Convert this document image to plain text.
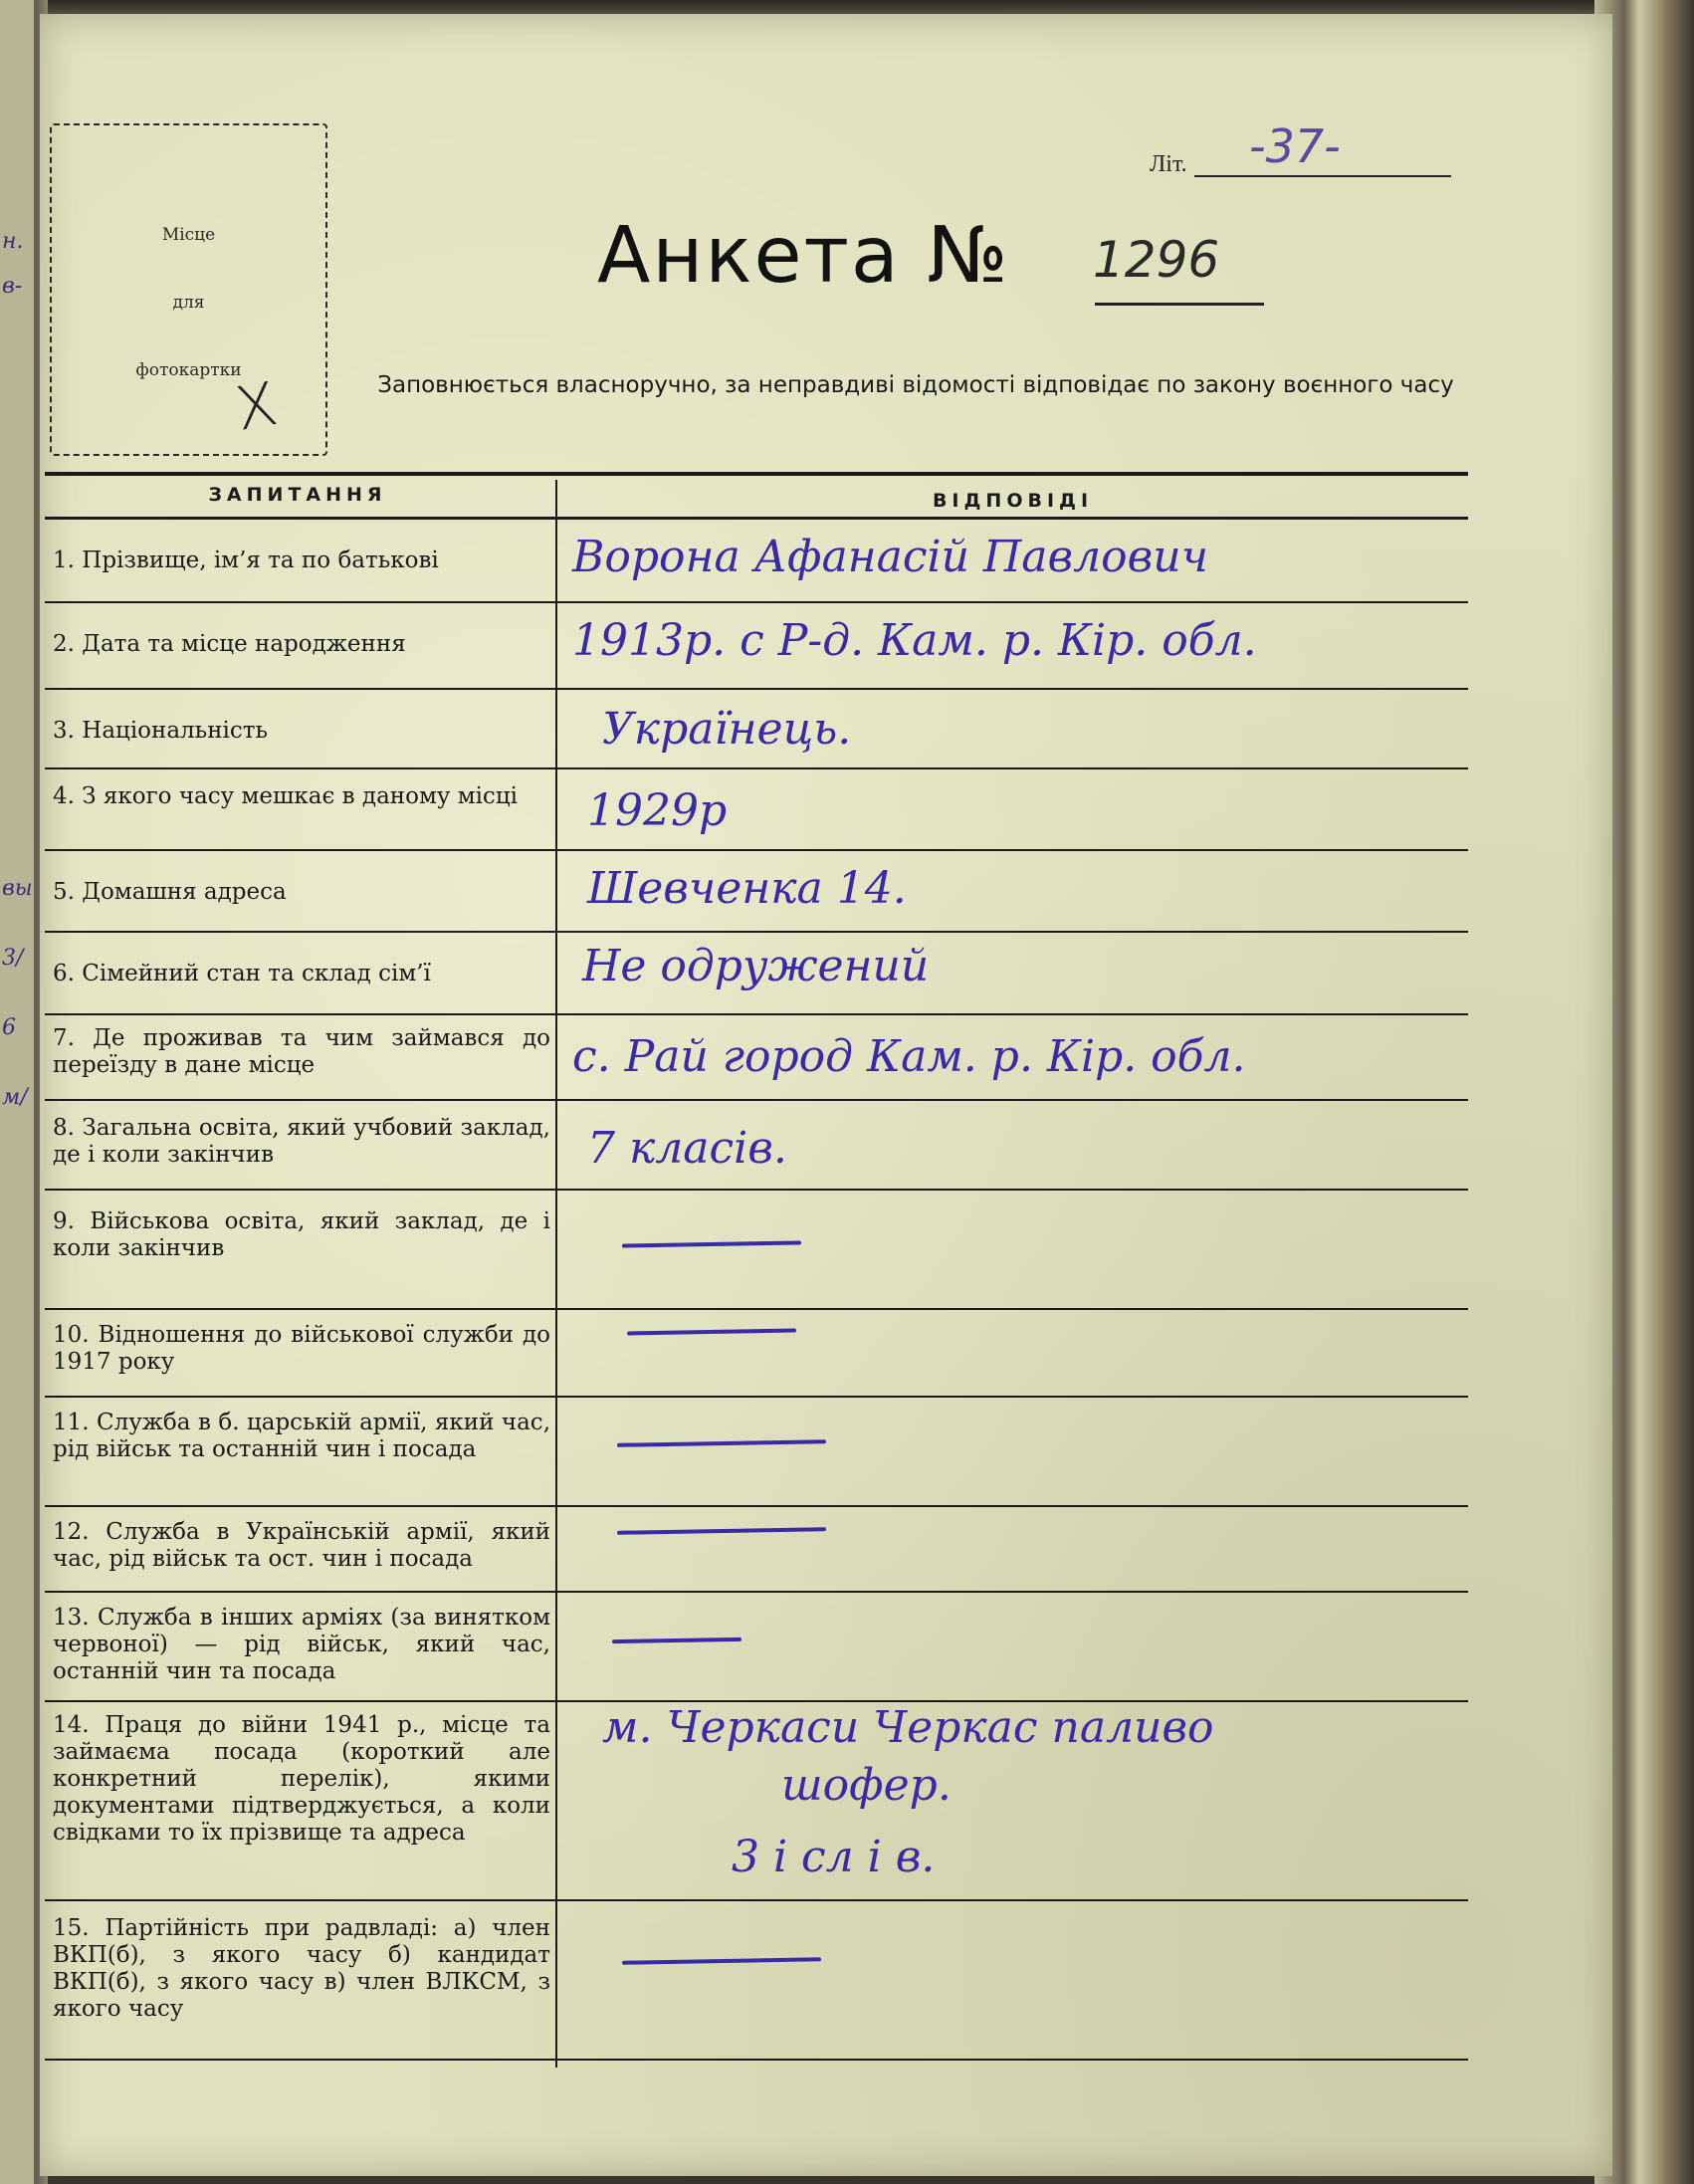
н.
в-
вы
3/
6
м/
Місце
для
фотокартки
X
Літ. -37-
Анкета № 1296
Заповнюється власноручно, за неправдиві відомості відповідає по закону воєнного часу
ЗАПИТАННЯ	ВІДПОВІДІ
1. Прізвище, ім’я та по батькові	Ворона Афанасій Павлович
2. Дата та місце народження	1913р. с Р-д. Кам. р. Кір. обл.
3. Національність	Українець.
4. З якого часу мешкає в даному місці	1929р
5. Домашня адреса	Шевченка 14.
6. Сімейний стан та склад сім’ї	Не одружений
7. Де проживав та чим займався до переїзду в дане місце	с. Рай город Кам. р. Кір. обл.
8. Загальна освіта, який учбовий заклад, де і коли закінчив	7 класів.
9. Військова освіта, який заклад, де і коли закінчив
10. Відношення до військової служби до 1917 року
11. Служба в б. царській армії, який час, рід військ та останній чин і посада
12. Служба в Українській армії, який час, рід військ та ост. чин і посада
13. Служба в інших арміях (за винятком червоної) — рід військ, який час, останній чин та посада
14. Праця до війни 1941 р., місце та займаєма посада (короткий але конкретний перелік), якими документами підтверджується, а коли свідками то їх прізвище та адреса
м. Черкаси Черкас паливо
шофер.
3 і сл і в.
15. Партійність при радвладі: а) член ВКП(б), з якого часу б) кандидат ВКП(б), з якого часу в) член ВЛКСМ, з якого часу
